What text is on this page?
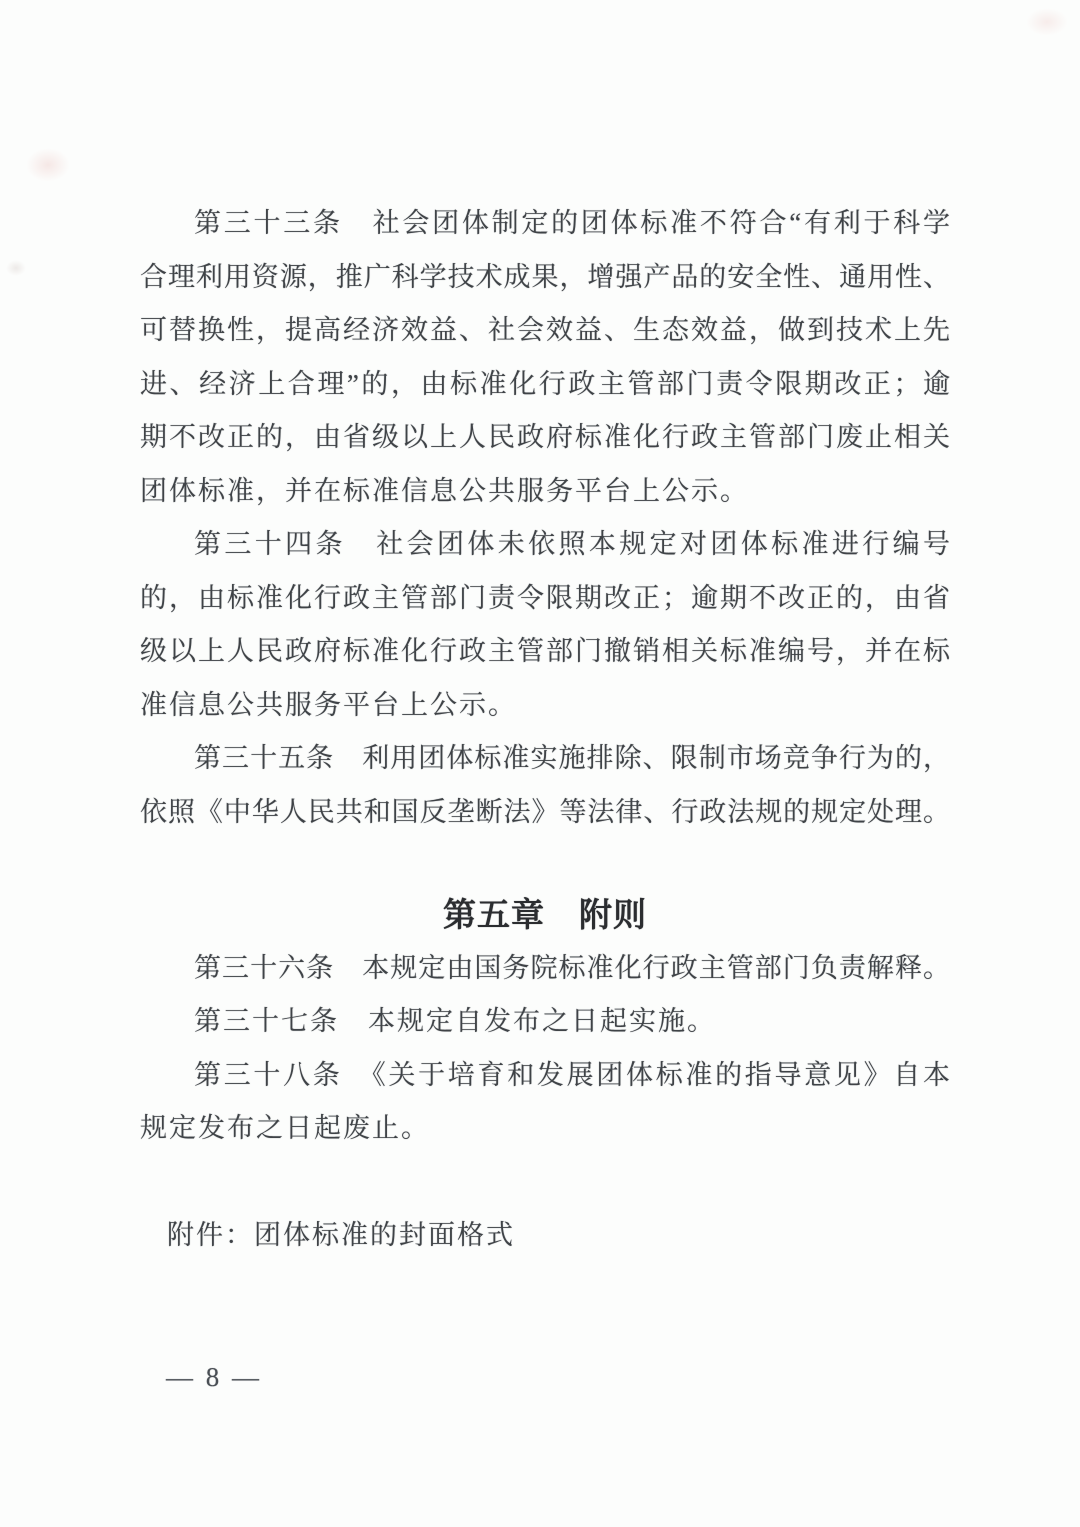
第三十三条　社会团体制定的团体标准不符合“有利于科学
合理利用资源，推广科学技术成果，增强产品的安全性、通用性、
可替换性，提高经济效益、社会效益、生态效益，做到技术上先
进、经济上合理”的，由标准化行政主管部门责令限期改正；逾
期不改正的，由省级以上人民政府标准化行政主管部门废止相关
团体标准，并在标准信息公共服务平台上公示。
第三十四条　社会团体未依照本规定对团体标准进行编号
的，由标准化行政主管部门责令限期改正；逾期不改正的，由省
级以上人民政府标准化行政主管部门撤销相关标准编号，并在标
准信息公共服务平台上公示。
第三十五条　利用团体标准实施排除、限制市场竞争行为的，
依照《中华人民共和国反垄断法》等法律、行政法规的规定处理。
第五章　附则
第三十六条　本规定由国务院标准化行政主管部门负责解释。
第三十七条　本规定自发布之日起实施。
第三十八条　《关于培育和发展团体标准的指导意见》自本
规定发布之日起废止。
附件：团体标准的封面格式
— 8 —
